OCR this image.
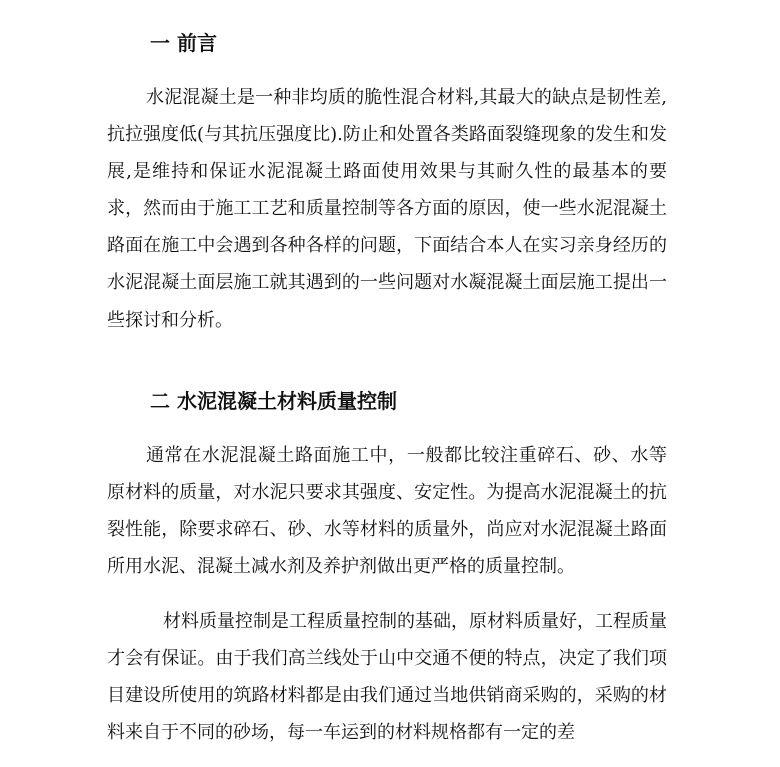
一 前言

水泥混凝土是一种非均质的脆性混合材料,其最大的缺点是韧性差,抗拉强度低(与其抗压强度比).防止和处置各类路面裂缝现象的发生和发展,是维持和保证水泥混凝土路面使用效果与其耐久性的最基本的要求，然而由于施工工艺和质量控制等各方面的原因，使一些水泥混凝土路面在施工中会遇到各种各样的问题，下面结合本人在实习亲身经历的水泥混凝土面层施工就其遇到的一些问题对水凝混凝土面层施工提出一些探讨和分析。

二 水泥混凝土材料质量控制

通常在水泥混凝土路面施工中，一般都比较注重碎石、砂、水等原材料的质量，对水泥只要求其强度、安定性。为提高水泥混凝土的抗裂性能，除要求碎石、砂、水等材料的质量外，尚应对水泥混凝土路面所用水泥、混凝土减水剂及养护剂做出更严格的质量控制。

材料质量控制是工程质量控制的基础，原材料质量好，工程质量才会有保证。由于我们高兰线处于山中交通不便的特点，决定了我们项目建设所使用的筑路材料都是由我们通过当地供销商采购的，采购的材料来自于不同的砂场，每一车运到的材料规格都有一定的差
